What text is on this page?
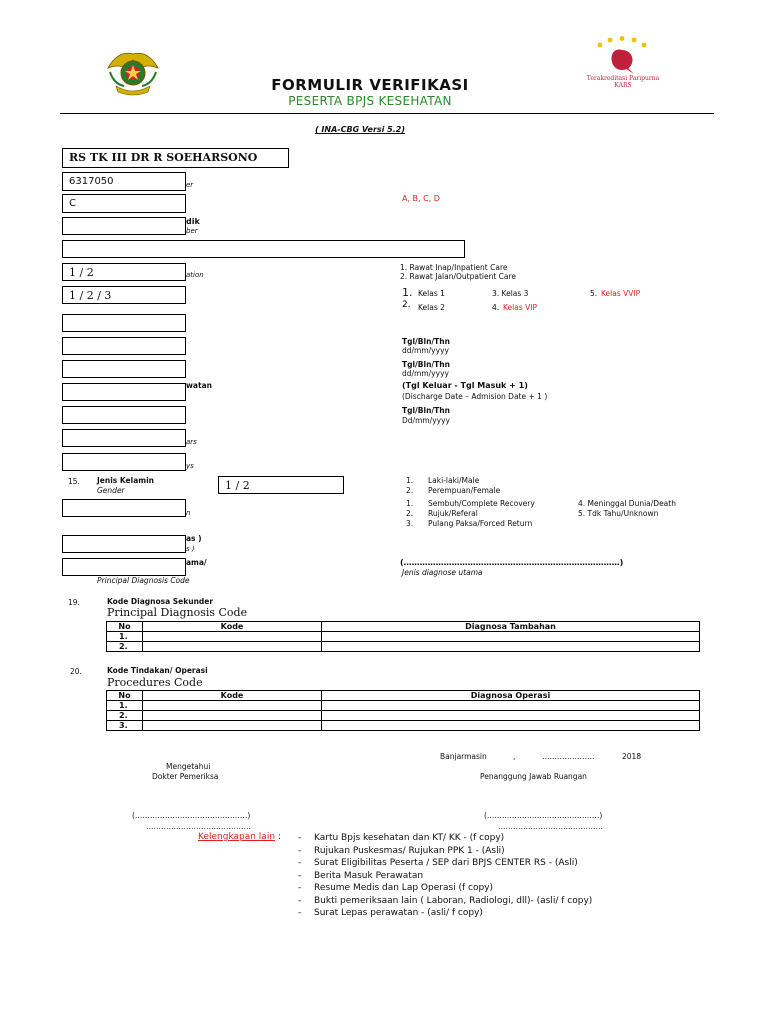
FORMULIR VERIFIKASI
PESERTA BPJS KESEHATAN
Terakreditasi Paripurna
KARS
( INA-CBG Versi 5.2)
RS TK III DR R SOEHARSONO
er
6317050
C	A, B, C, D
dik
ber
1 / 2	ation
1. Rawat Inap/Inpatient Care
2. Rawat Jalan/Outpatient Care
1 / 2 / 3	1. Kelas 1
2. Kelas 2
3. Kelas 3
4. Kelas VIP
5. Kelas VVIP
Tgl/Bln/Thn
dd/mm/yyyy
Tgl/Bln/Thn
dd/mm/yyyy
watan	(Tgl Keluar - Tgl Masuk + 1)
(Discharge Date – Admision Date + 1 )
Tgl/Bln/Thn
Dd/mm/yyyy
ars
ys
15. Jenis Kelamin
Gender	1 / 2	1. Laki-laki/Male
2. Perempuan/Female
n
1. Sembuh/Complete Recovery
2. Rujuk/Referal
3. Pulang Paksa/Forced Return
4. Meninggal Dunia/Death
5. Tdk Tahu/Unknown
as )
s )
ama/
Principal Diagnosis Code
(………………………………………………………………………)
Jenis diagnose utama
19.	Kode Diagnosa Sekunder
Principal Diagnosis Code
No	Kode	Diagnosa Tambahan
1.		
2.		
20.	Kode Tindakan/ Operasi
Procedures Code
No	Kode	Diagnosa Operasi
1.		
2.		
3.		
Banjarmasin	,	…………………	2018
Mengetahui
Dokter Pemeriksa	Penanggung Jawab Ruangan
(………………………………………)
……………………………………
(………………………………………)
……………………………………
Kelengkapan lain : - Kartu Bpjs kesehatan dan KT/ KK - (f copy)
- Rujukan Puskesmas/ Rujukan PPK 1 - (Asli)
- Surat Eligibilitas Peserta / SEP dari BPJS CENTER RS - (Asli)
- Berita Masuk Perawatan
- Resume Medis dan Lap Operasi (f copy)
- Bukti pemeriksaan lain ( Laboran, Radiologi, dll)- (asli/ f copy)
- Surat Lepas perawatan - (asli/ f copy)
